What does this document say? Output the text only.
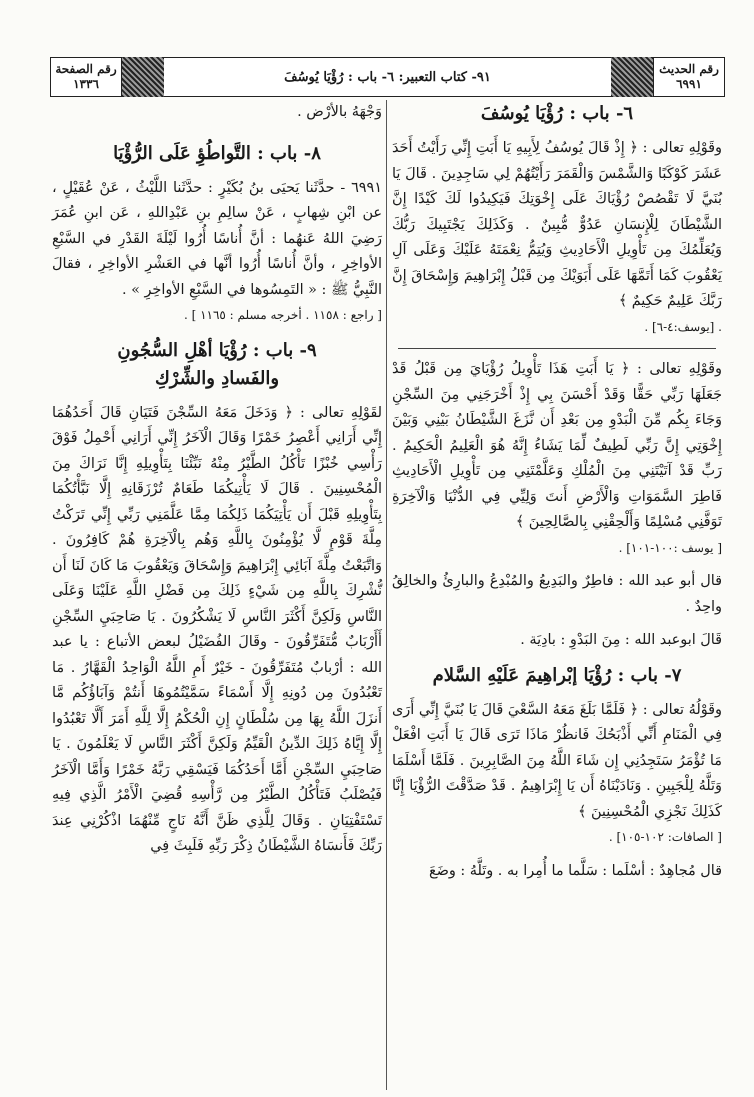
رقم الصفحة
١٣٣٦	٩١- كتاب التعبير: ٦- باب : رُؤْيَا يُوسُفَ
رقم الحديث
٦٩٩١
٦- باب : رُؤْيَا يُوسُفَ

وقَوْلِهِ تعالى : ﴿ إِذْ قَالَ يُوسُفُ لِأَبِيهِ يَا أَبَتِ إِنِّي رَأَيْتُ أَحَدَ عَشَرَ كَوْكَبًا وَالشَّمْسَ وَالْقَمَرَ رَأَيْتُهُمْ لِي سَاجِدِينَ . قَالَ يَا بُنَيَّ لَا تَقْصُصْ رُؤْيَاكَ عَلَى إِخْوَتِكَ فَيَكِيدُوا لَكَ كَيْدًا إِنَّ الشَّيْطَانَ لِلْإِنسَانِ عَدُوٌّ مُّبِينٌ . وَكَذَلِكَ يَجْتَبِيكَ رَبُّكَ وَيُعَلِّمُكَ مِن تَأْوِيلِ الْأَحَادِيثِ وَيُتِمُّ نِعْمَتَهُ عَلَيْكَ وَعَلَى آلِ يَعْقُوبَ كَمَا أَتَمَّهَا عَلَى أَبَوَيْكَ مِن قَبْلُ إِبْرَاهِيمَ وَإِسْحَاقَ إِنَّ رَبَّكَ عَلِيمٌ حَكِيمٌ ﴾

. [يوسف:٤-٦] .

وقَوْلِهِ تعالى : ﴿ يَا أَبَتِ هَذَا تَأْوِيلُ رُؤْيَايَ مِن قَبْلُ قَدْ جَعَلَهَا رَبِّي حَقًّا وَقَدْ أَحْسَنَ بِي إِذْ أَخْرَجَنِي مِنَ السِّجْنِ وَجَاءَ بِكُم مِّنَ الْبَدْوِ مِن بَعْدِ أَن نَّزَغَ الشَّيْطَانُ بَيْنِي وَبَيْنَ إِخْوَتِي إِنَّ رَبِّي لَطِيفٌ لِّمَا يَشَاءُ إِنَّهُ هُوَ الْعَلِيمُ الْحَكِيمُ . رَبِّ قَدْ آتَيْتَنِي مِنَ الْمُلْكِ وَعَلَّمْتَنِي مِن تَأْوِيلِ الْأَحَادِيثِ فَاطِرَ السَّمَوَاتِ وَالْأَرْضِ أَنتَ وَلِيِّي فِي الدُّنْيَا وَالْآخِرَةِ تَوَفَّنِي مُسْلِمًا وَأَلْحِقْنِي بِالصَّالِحِينَ ﴾

[ يوسف :١٠٠-١٠١] .

قال أبو عبد الله : فاطِرٌ والبَدِيعُ والمُبْدِعُ والبارِئُ والخالِقُ واحِدٌ .

قَالَ ابوعبد الله : مِنَ البَدْوِ : بادِيَة .

٧- باب : رُؤْيَا إبْراهِيمَ عَلَيْهِ السَّلام

وقَوْلُهُ تعالى : ﴿ فَلَمَّا بَلَغَ مَعَهُ السَّعْيَ قَالَ يَا بُنَيَّ إِنِّي أَرَى فِي الْمَنَامِ أَنِّي أَذْبَحُكَ فَانظُرْ مَاذَا تَرَى قَالَ يَا أَبَتِ افْعَلْ مَا تُؤْمَرُ سَتَجِدُنِي إِن شَاءَ اللَّهُ مِنَ الصَّابِرِينَ . فَلَمَّا أَسْلَمَا وَتَلَّهُ لِلْجَبِينِ . وَنَادَيْنَاهُ أَن يَا إِبْرَاهِيمُ . قَدْ صَدَّقْتَ الرُّؤْيَا إِنَّا كَذَلِكَ نَجْزِي الْمُحْسِنِينَ ﴾

[ الصافات: ١٠٢-١٠٥] .

قال مُجاهِدٌ : أسْلَما : سَلَّما ما أُمِرا به . وتَلَّهُ : وضَعَ

وَجْهَهُ بالأرْض .

٨- باب : التَّواطُؤِ عَلَى الرُّؤْيَا

٦٩٩١ - حدَّثَنا يَحيَى بنُ بُكَيْرٍ : حدَّثَنا اللَّيْثُ ، عَنْ عُقَيْلٍ ، عن ابْنِ شِهابٍ ، عَنْ سالِمِ بنِ عَبْدِاللهِ ، عَن ابنِ عُمَرَ رَضِيَ اللهُ عَنهُما : أنَّ أُناسًا أُرُوا لَيْلَةَ القَدْرِ في السَّبْعِ الأواخِرِ ، وأنَّ أُناسًا أُرُوا أنَّها في العَشْرِ الأواخِرِ ، فقالَ النَّبِيُّ ﷺ : « التَمِسُوها في السَّبْعِ الأواخِرِ » .

[ راجع : ١١٥٨ . أخرجه مسلم : ١١٦٥ ] .

٩- باب : رُؤْيَا أهْلِ السُّجُونِ
والفَسادِ والشِّرْكِ

لقَوْلِهِ تعالى : ﴿ وَدَخَلَ مَعَهُ السِّجْنَ فَتَيَانِ قَالَ أَحَدُهُمَا إِنِّي أَرَانِي أَعْصِرُ خَمْرًا وَقَالَ الْآخَرُ إِنِّي أَرَانِي أَحْمِلُ فَوْقَ رَأْسِي خُبْزًا تَأْكُلُ الطَّيْرُ مِنْهُ نَبِّئْنَا بِتَأْوِيلِهِ إِنَّا نَرَاكَ مِنَ الْمُحْسِنِينَ . قَالَ لَا يَأْتِيكُمَا طَعَامٌ تُرْزَقَانِهِ إِلَّا نَبَّأْتُكُمَا بِتَأْوِيلِهِ قَبْلَ أَن يَأْتِيَكُمَا ذَلِكُمَا مِمَّا عَلَّمَنِي رَبِّي إِنِّي تَرَكْتُ مِلَّةَ قَوْمٍ لَّا يُؤْمِنُونَ بِاللَّهِ وَهُم بِالْآخِرَةِ هُمْ كَافِرُونَ . وَاتَّبَعْتُ مِلَّةَ آبَائِي إِبْرَاهِيمَ وَإِسْحَاقَ وَيَعْقُوبَ مَا كَانَ لَنَا أَن نُّشْرِكَ بِاللَّهِ مِن شَيْءٍ ذَلِكَ مِن فَضْلِ اللَّهِ عَلَيْنَا وَعَلَى النَّاسِ وَلَكِنَّ أَكْثَرَ النَّاسِ لَا يَشْكُرُونَ . يَا صَاحِبَيِ السِّجْنِ أَأَرْبَابٌ مُّتَفَرِّقُونَ - وقَالَ الفُضَيْلُ لبعض الأتباع : يا عبد الله : أرْبابٌ مُتَفَرِّقُونَ - خَيْرٌ أَمِ اللَّهُ الْوَاحِدُ الْقَهَّارُ . مَا تَعْبُدُونَ مِن دُونِهِ إِلَّا أَسْمَاءً سَمَّيْتُمُوهَا أَنتُمْ وَآبَاؤُكُم مَّا أَنزَلَ اللَّهُ بِهَا مِن سُلْطَانٍ إِنِ الْحُكْمُ إِلَّا لِلَّهِ أَمَرَ أَلَّا تَعْبُدُوا إِلَّا إِيَّاهُ ذَلِكَ الدِّينُ الْقَيِّمُ وَلَكِنَّ أَكْثَرَ النَّاسِ لَا يَعْلَمُونَ . يَا صَاحِبَيِ السِّجْنِ أَمَّا أَحَدُكُمَا فَيَسْقِي رَبَّهُ خَمْرًا وَأَمَّا الْآخَرُ فَيُصْلَبُ فَتَأْكُلُ الطَّيْرُ مِن رَّأْسِهِ قُضِيَ الْأَمْرُ الَّذِي فِيهِ تَسْتَفْتِيَانِ . وَقَالَ لِلَّذِي ظَنَّ أَنَّهُ نَاجٍ مِّنْهُمَا اذْكُرْنِي عِندَ رَبِّكَ فَأَنسَاهُ الشَّيْطَانُ ذِكْرَ رَبِّهِ فَلَبِثَ فِي
